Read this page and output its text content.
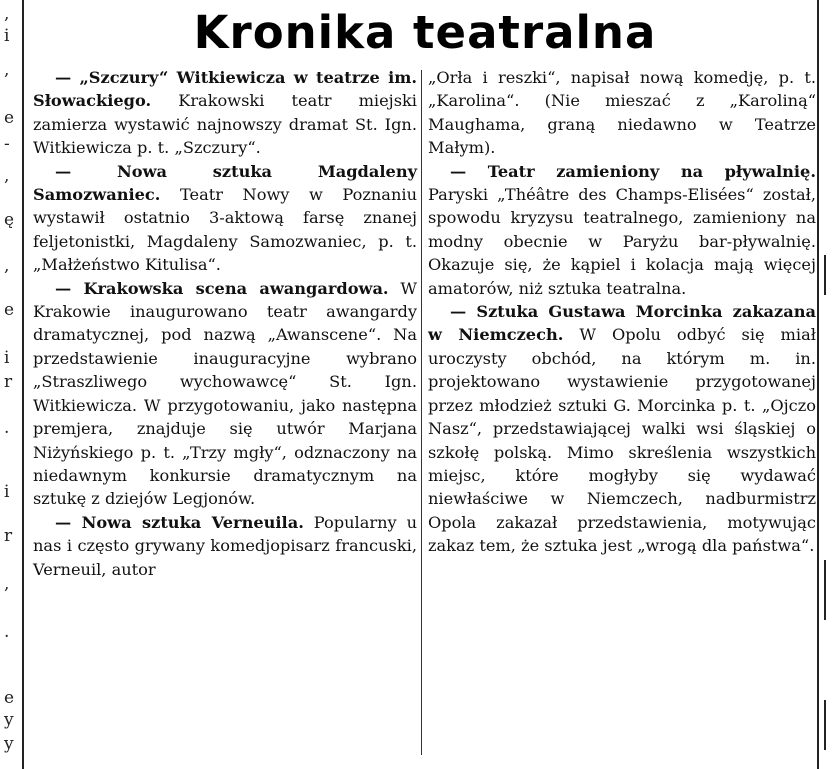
,
i
,
e
-
,
ę
,
e
i
r
.
i
r
,
.
e
y
y
Kronika teatralna

— „Szczury“ Witkiewicza w teatrze im. Słowackiego. Krakowski teatr miejski zamierza wystawić najnowszy dramat St. Ign. Witkiewicza p. t. „Szczury“.

— Nowa sztuka Magdaleny Samozwaniec. Teatr Nowy w Poznaniu wystawił ostatnio 3-aktową farsę znanej feljetonistki, Magdaleny Samozwaniec, p. t. „Małżeństwo Kitulisa“.

— Krakowska scena awangardowa. W Krakowie inaugurowano teatr awangardy dramatycznej, pod nazwą „Awanscene“. Na przedstawienie inauguracyjne wybrano „Straszliwego wychowawcę“ St. Ign. Witkiewicza. W przygotowaniu, jako następna premjera, znajduje się utwór Marjana Niżyńskiego p. t. „Trzy mgły“, odznaczony na niedawnym konkursie dramatycznym na sztukę z dziejów Legjonów.

— Nowa sztuka Verneuila. Popularny u nas i często grywany komedjopisarz francuski, Verneuil, autor

„Orła i reszki“, napisał nową komedję, p. t. „Karolina“. (Nie mieszać z „Karoliną“ Maughama, graną niedawno w Teatrze Małym).

— Teatr zamieniony na pływalnię. Paryski „Théâtre des Champs-Elisées“ został, spowodu kryzysu teatralnego, zamieniony na modny obecnie w Paryżu bar-pływalnię. Okazuje się, że kąpiel i kolacja mają więcej amatorów, niż sztuka teatralna.

— Sztuka Gustawa Morcinka zakazana w Niemczech. W Opolu odbyć się miał uroczysty obchód, na którym m. in. projektowano wystawienie przygotowanej przez młodzież sztuki G. Morcinka p. t. „Ojczo Nasz“, przedstawiającej walki wsi śląskiej o szkołę polską. Mimo skreślenia wszystkich miejsc, które mogłyby się wydawać niewłaściwe w Niemczech, nadburmistrz Opola zakazał przedstawienia, motywując zakaz tem, że sztuka jest „wrogą dla państwa“.
